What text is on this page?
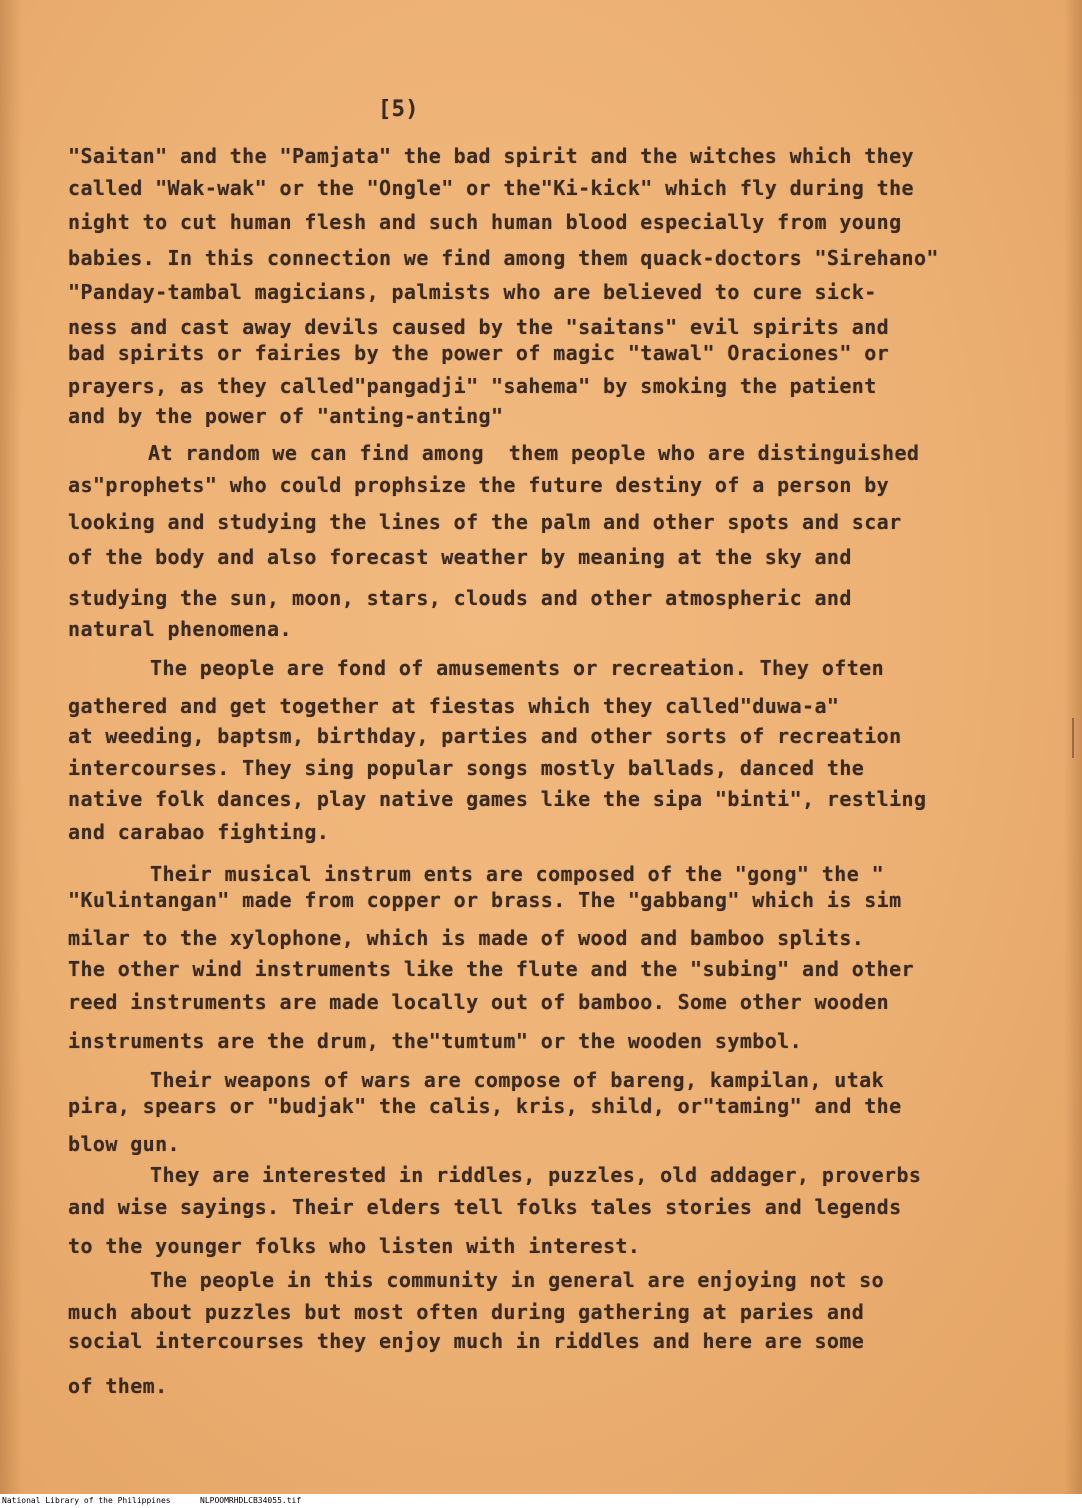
[5)

"Saitan" and the "Pamjata" the bad spirit and the witches which they

called "Wak-wak" or the "Ongle" or the"Ki-kick" which fly during the

night to cut human flesh and such human blood especially from young

babies. In this connection we find among them quack-doctors "Sirehano"

"Panday-tambal magicians, palmists who are believed to cure sick-

ness and cast away devils caused by the "saitans" evil spirits and

bad spirits or fairies by the power of magic "tawal" Oraciones" or

prayers, as they called"pangadji" "sahema" by smoking the patient

and by the power of "anting-anting"

At random we can find among  them people who are distinguished

as"prophets" who could prophsize the future destiny of a person by

looking and studying the lines of the palm and other spots and scar

of the body and also forecast weather by meaning at the sky and

studying the sun, moon, stars, clouds and other atmospheric and

natural phenomena.

The people are fond of amusements or recreation. They often

gathered and get together at fiestas which they called"duwa-a"

at weeding, baptsm, birthday, parties and other sorts of recreation

intercourses. They sing popular songs mostly ballads, danced the

native folk dances, play native games like the sipa "binti", restling

and carabao fighting.

Their musical instrum ents are composed of the "gong" the "

"Kulintangan" made from copper or brass. The "gabbang" which is sim

milar to the xylophone, which is made of wood and bamboo splits.

The other wind instruments like the flute and the "subing" and other

reed instruments are made locally out of bamboo. Some other wooden

instruments are the drum, the"tumtum" or the wooden symbol.

Their weapons of wars are compose of bareng, kampilan, utak

pira, spears or "budjak" the calis, kris, shild, or"taming" and the

blow gun.

They are interested in riddles, puzzles, old addager, proverbs

and wise sayings. Their elders tell folks tales stories and legends

to the younger folks who listen with interest.

The people in this community in general are enjoying not so

much about puzzles but most often during gathering at paries and

social intercourses they enjoy much in riddles and here are some

of them.

National Library of the Philippines	NLPOOMRHDLCB34055.tif
